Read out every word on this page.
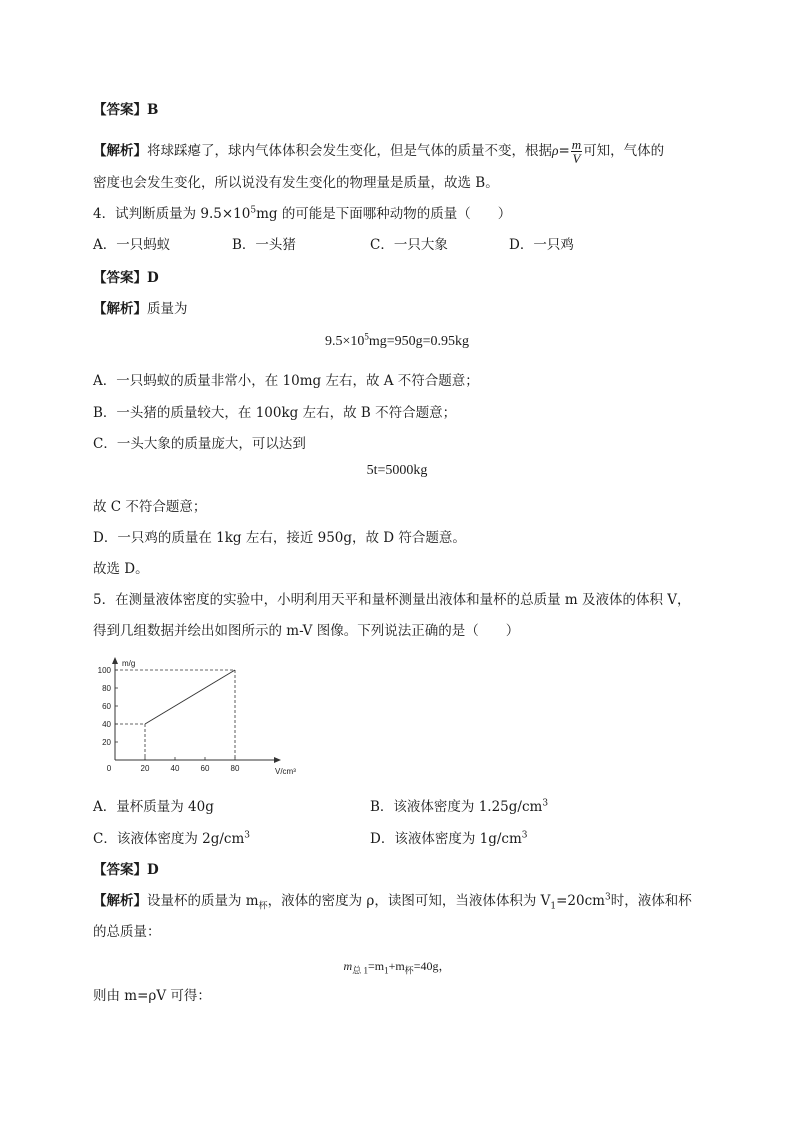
【答案】B
【解析】将球踩瘪了，球内气体体积会发生变化，但是气体的质量不变，根据$\rho= \frac{m}{V}$ 可知，气体的
密度也会发生变化，所以说没有发生变化的物理量是质量，故选 B。
4．试判断质量为 $9.5\times 10^5mg$ 的可能是下面哪种动物的质量（　　）
A．一只蚂蚁	B．一头猪	C．一只大象	D．一只鸡
【答案】D
【解析】质量为
$9.5\times 10^5mg=950g=0.95kg$
A．一只蚂蚁的质量非常小，在 10mg 左右，故 A 不符合题意；
B．一头猪的质量较大，在 100kg 左右，故 B 不符合题意；
C．一头大象的质量庞大，可以达到
5t=5000kg
故 C 不符合题意；
D．一只鸡的质量在 1kg 左右，接近 950g，故 D 符合题意。
故选 D。
5．在测量液体密度的实验中，小明利用天平和量杯测量出液体和量杯的总质量 m 及液体的体积 V，
得到几组数据并绘出如图所示的 m-V 图像。下列说法正确的是（　　）
m/g
V/cm³
0	20	40	60	80
20
40
60
80
100
A．量杯质量为 40g	B．该液体密度为 $1.25g/cm^3$
C．该液体密度为 $2g/cm^3$	D．该液体密度为 $1g/cm^3$
【答案】D
【解析】设量杯的质量为 $m_杯$，液体的密度为 ρ，读图可知，当液体体积为 $V_1=20cm^3$时，液体和杯
的总质量：
$m_{总 1}=m_1+m_杯=40g$，
则由 m=ρV 可得：
